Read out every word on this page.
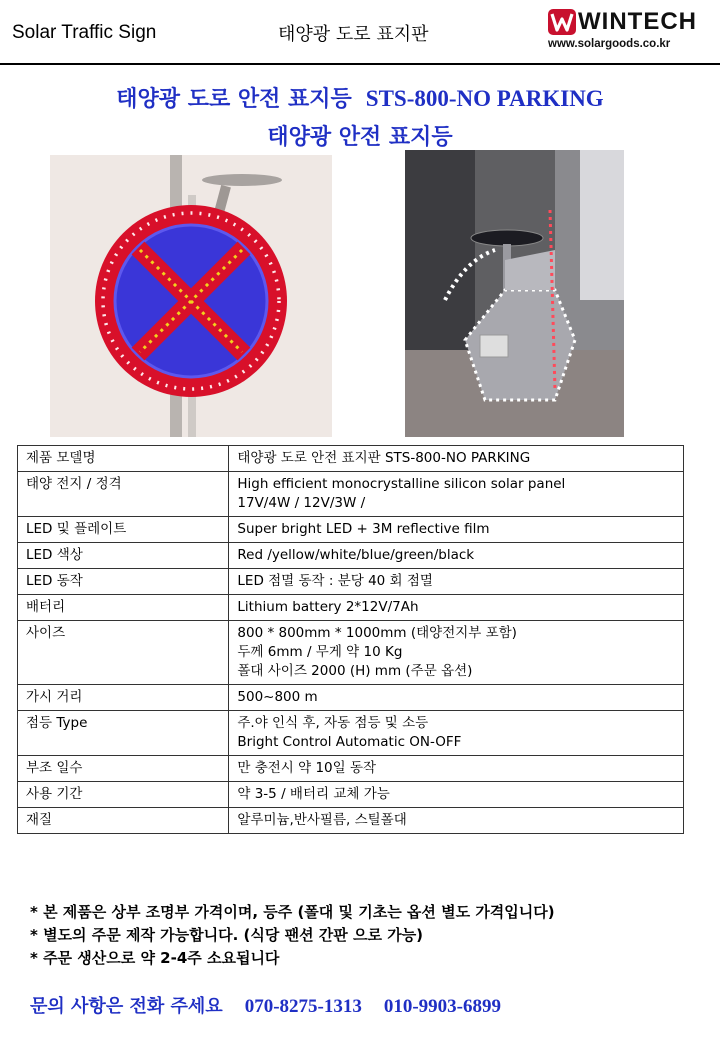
Solar Traffic Sign	태양광 도로 표지판	WINTECH
www.solargoods.co.kr
태양광 도로 안전 표지등 STS-800-NO PARKING
태양광 안전 표지등
제품 모델명	태양광 도로 안전 표지판 STS-800-NO PARKING

태양 전지 / 정격	High efficient monocrystalline silicon solar panel
17V/4W / 12V/3W /

LED 및 플레이트	Super bright LED + 3M reflective film

LED 색상	Red /yellow/white/blue/green/black

LED 동작	LED 점멸 동작 : 분당 40 회 점멸

배터리	Lithium battery 2*12V/7Ah

사이즈	800 * 800mm * 1000mm (태양전지부 포함)
두께 6mm / 무게 약 10 Kg
폴대 사이즈 2000 (H) mm (주문 옵션)

가시 거리	500~800 m

점등 Type	주.야 인식 후, 자동 점등 및 소등
Bright Control Automatic ON-OFF

부조 일수	만 충전시 약 10일 동작

사용 기간	약 3-5 / 배터리 교체 가능

재질	알루미늄,반사필름, 스틸폴대
* 본 제품은 상부 조명부 가격이며, 등주 (폴대 및 기초는 옵션 별도 가격입니다)
* 별도의 주문 제작 가능합니다. (식당 팬션 간판 으로 가능)
* 주문 생산으로 약 2-4주 소요됩니다
문의 사항은 전화 주세요 070-8275-1313 010-9903-6899
